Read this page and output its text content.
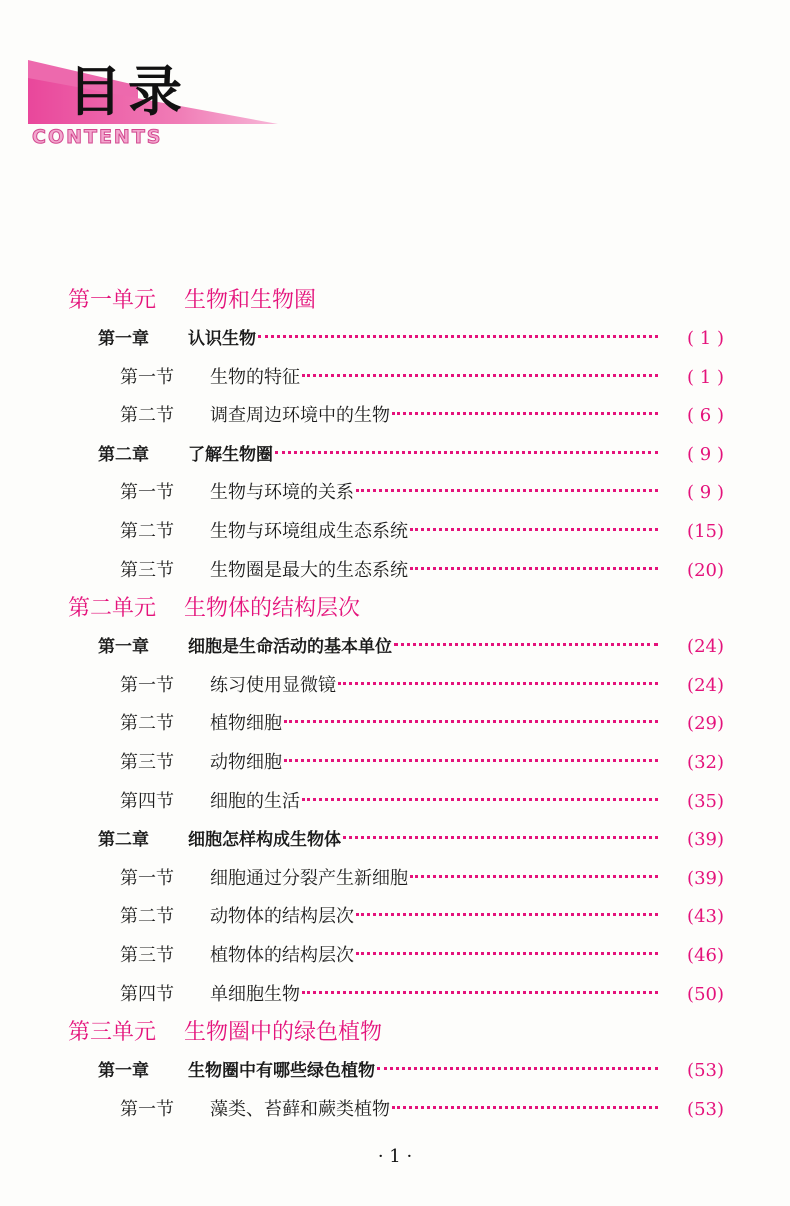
目录
CONTENTS
第一单元 生物和生物圈
第一章	认识生物	( 1 )
第一节	生物的特征	( 1 )
第二节	调查周边环境中的生物	( 6 )
第二章	了解生物圈	( 9 )
第一节	生物与环境的关系	( 9 )
第二节	生物与环境组成生态系统	(15)
第三节	生物圈是最大的生态系统	(20)
第二单元 生物体的结构层次
第一章	细胞是生命活动的基本单位	(24)
第一节	练习使用显微镜	(24)
第二节	植物细胞	(29)
第三节	动物细胞	(32)
第四节	细胞的生活	(35)
第二章	细胞怎样构成生物体	(39)
第一节	细胞通过分裂产生新细胞	(39)
第二节	动物体的结构层次	(43)
第三节	植物体的结构层次	(46)
第四节	单细胞生物	(50)
第三单元 生物圈中的绿色植物
第一章	生物圈中有哪些绿色植物	(53)
第一节	藻类、苔藓和蕨类植物	(53)
· 1 ·
